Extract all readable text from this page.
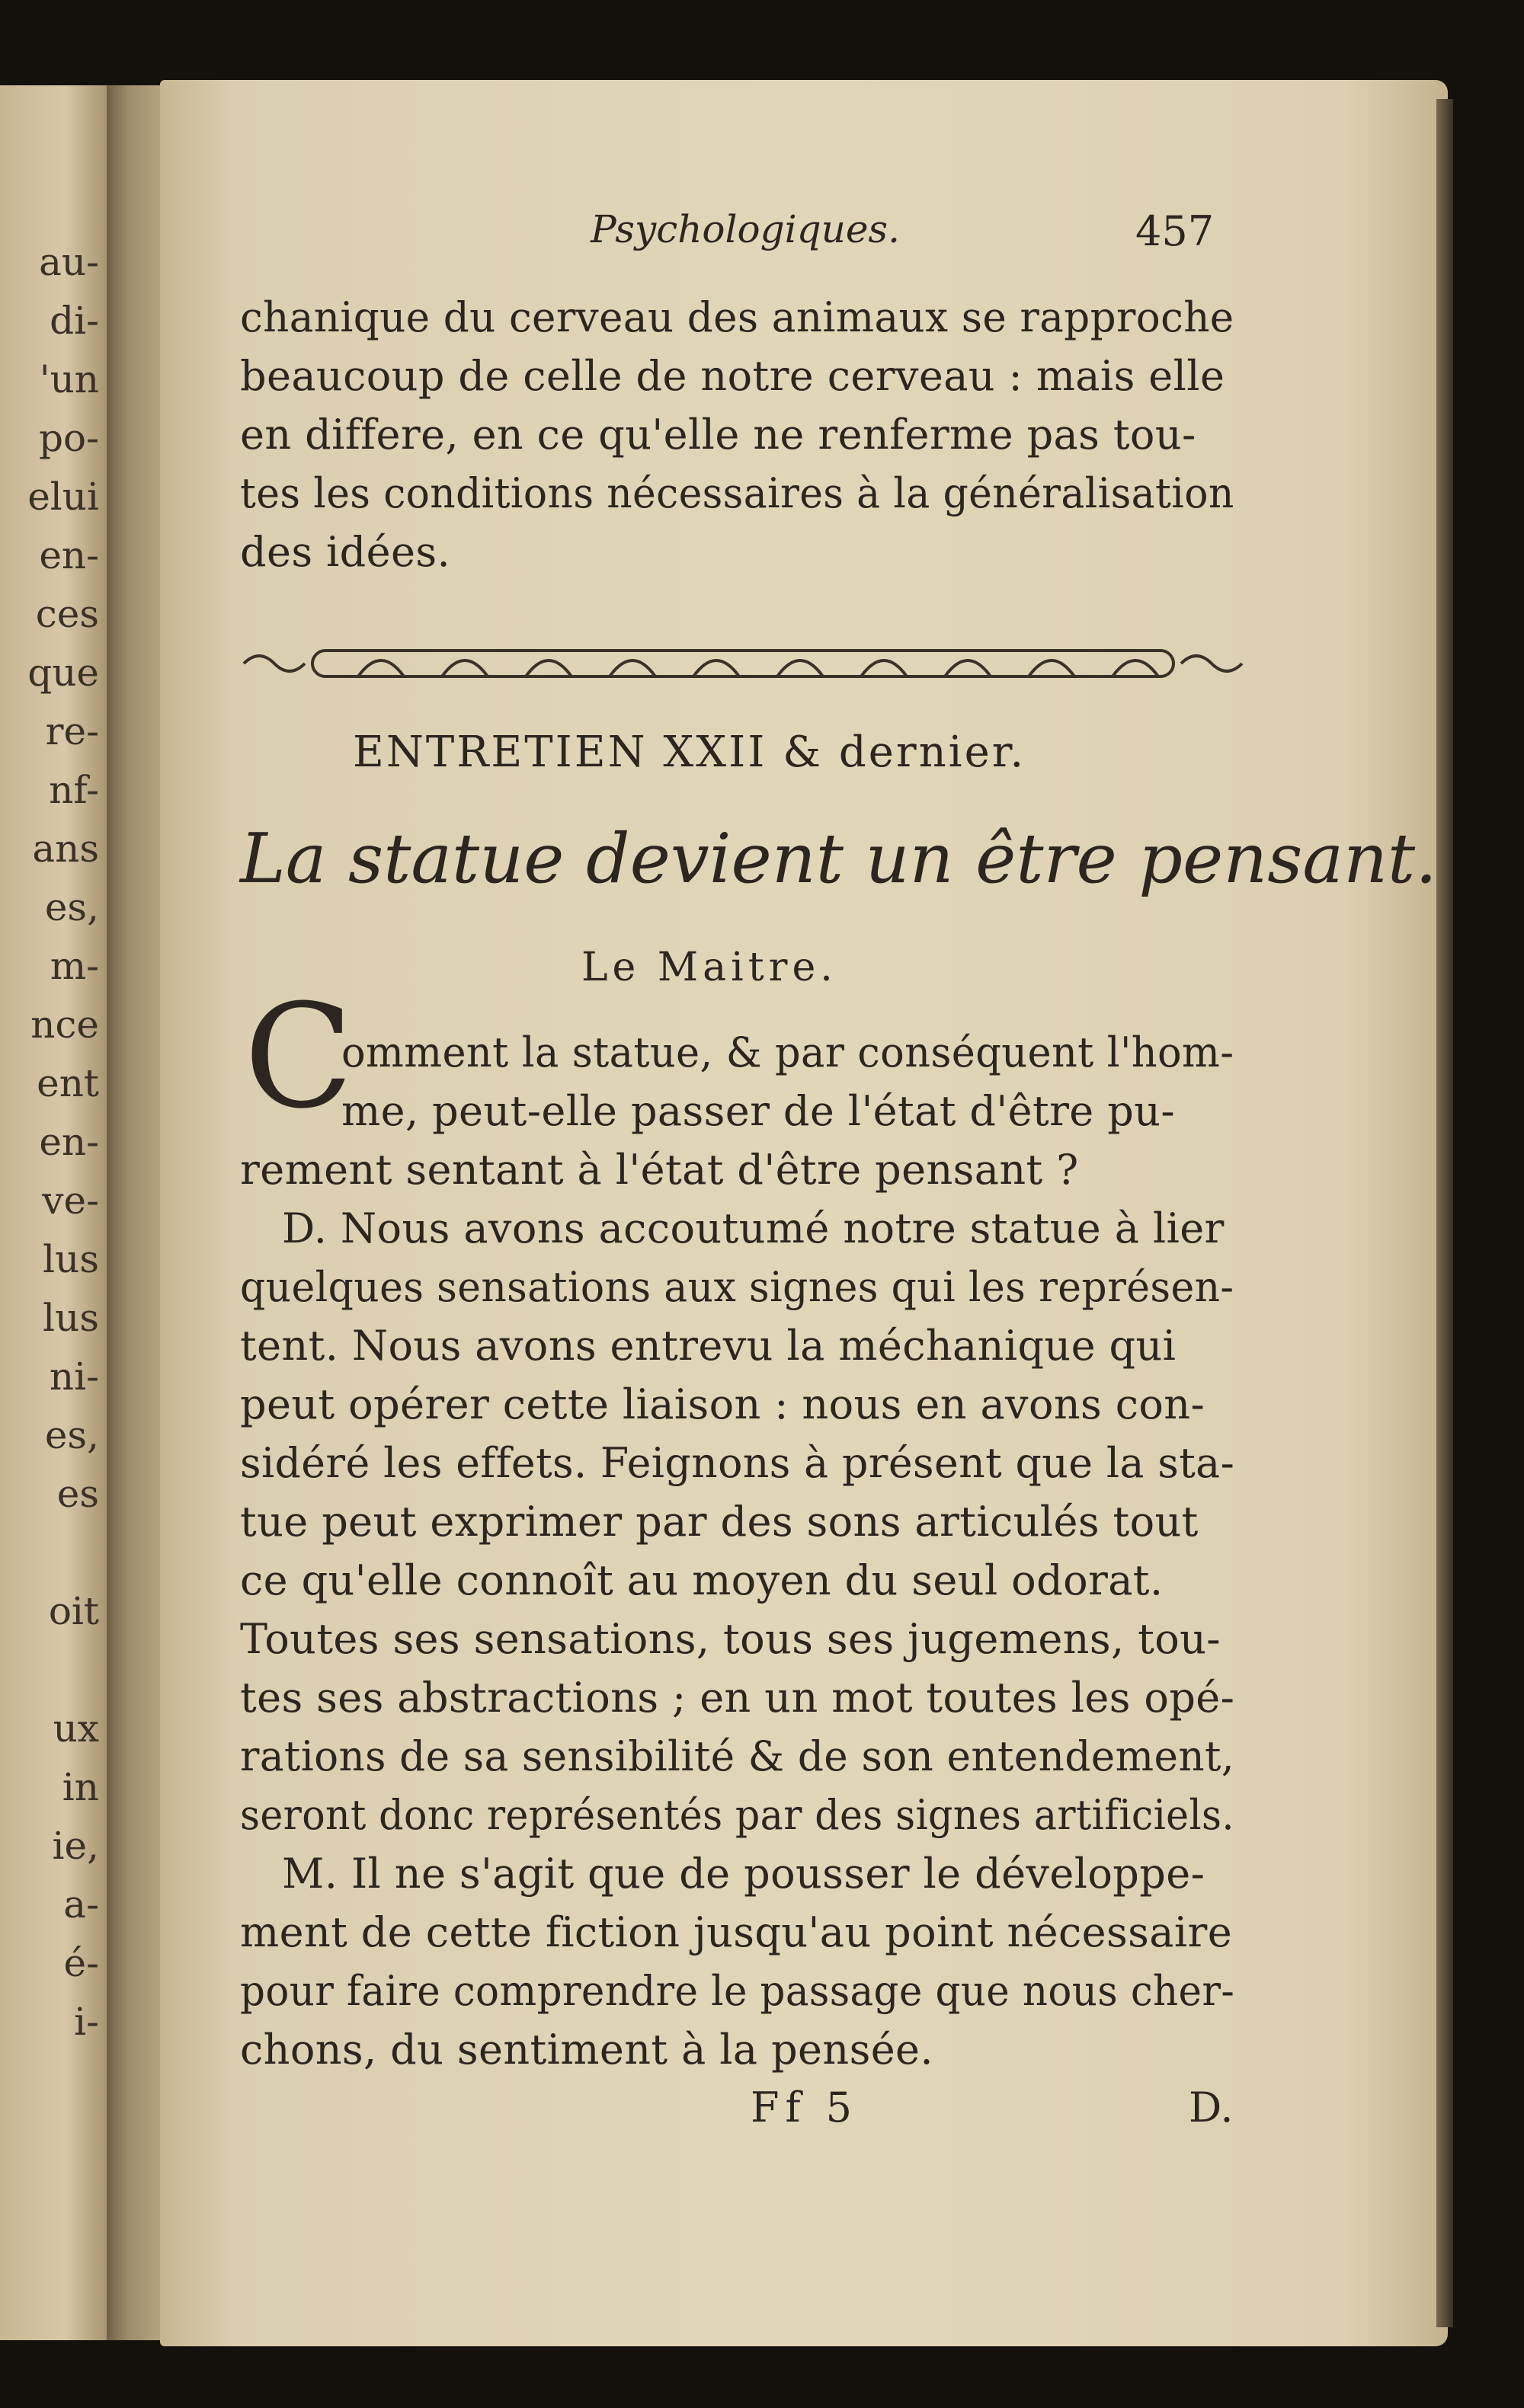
au-
di-
'un
po-
elui
en-
ces
que
re-
nf-
ans
es,
m-
nce
ent
en-
ve-
lus
lus
ni-
es,
es
oit
ux
in
ie,
a-
é-
i-
Psychologiques.	457
chanique du cerveau des animaux se rapproche
beaucoup de celle de notre cerveau : mais elle
en differe, en ce qu'elle ne renferme pas tou-
tes les conditions nécessaires à la généralisation
des idées.
ENTRETIEN XXII & dernier.
La statue devient un être pensant.
Le Maitre.
C
omment la statue, & par conséquent l'hom-
me, peut-elle passer de l'état d'être pu-
rement sentant à l'état d'être pensant ?
D. Nous avons accoutumé notre statue à lier
quelques sensations aux signes qui les représen-
tent. Nous avons entrevu la méchanique qui
peut opérer cette liaison : nous en avons con-
sidéré les effets. Feignons à présent que la sta-
tue peut exprimer par des sons articulés tout
ce qu'elle connoît au moyen du seul odorat.
Toutes ses sensations, tous ses jugemens, tou-
tes ses abstractions ; en un mot toutes les opé-
rations de sa sensibilité & de son entendement,
seront donc représentés par des signes artificiels.
M. Il ne s'agit que de pousser le développe-
ment de cette fiction jusqu'au point nécessaire
pour faire comprendre le passage que nous cher-
chons, du sentiment à la pensée.
Ff 5	D.
